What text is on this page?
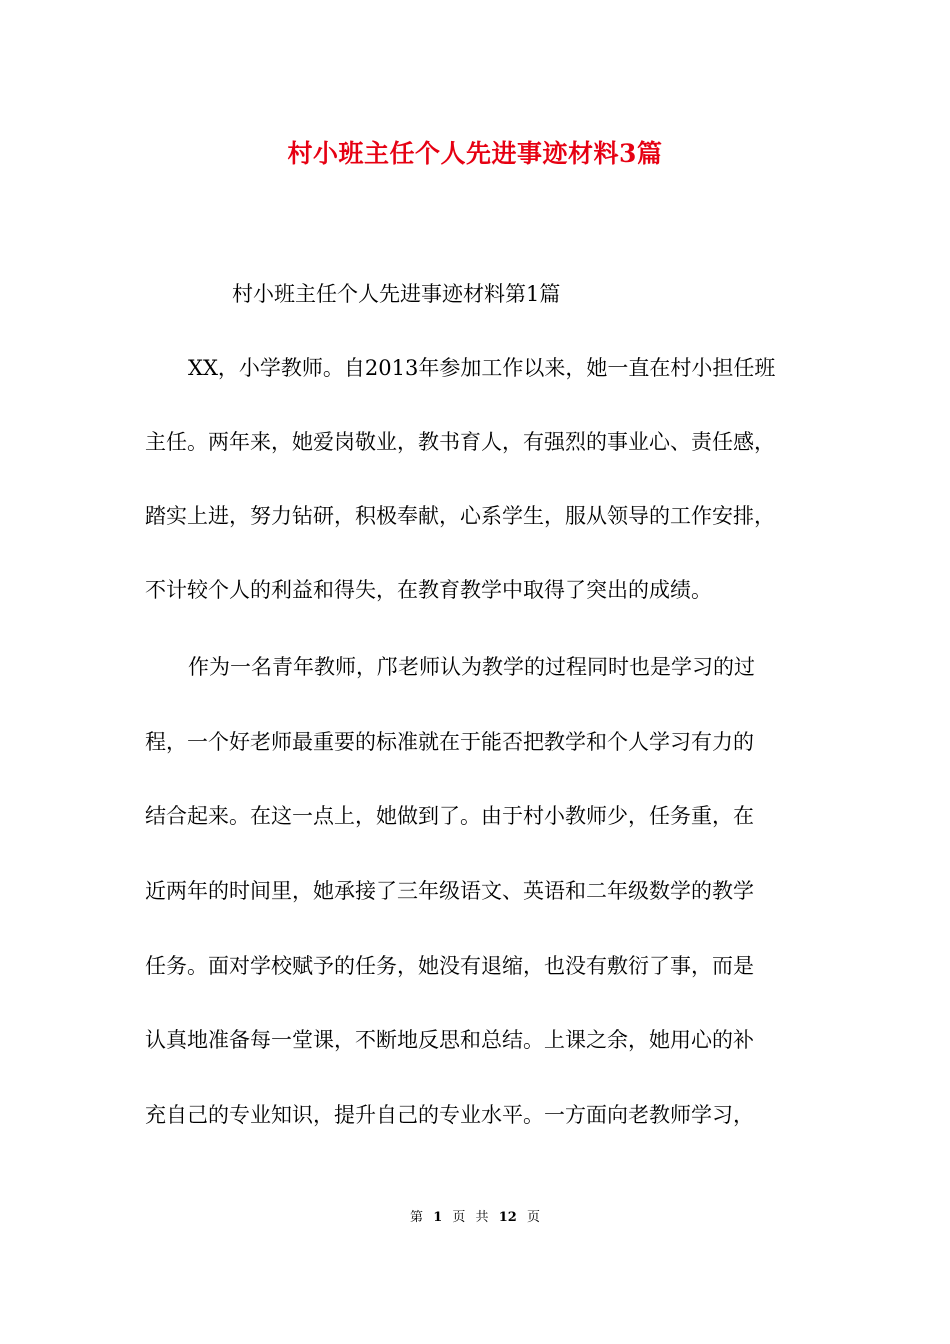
村小班主任个人先进事迹材料3篇
村小班主任个人先进事迹材料第1篇
XX，小学教师。自2013年参加工作以来，她一直在村小担任班
主任。两年来，她爱岗敬业，教书育人，有强烈的事业心、责任感，
踏实上进，努力钻研，积极奉献，心系学生，服从领导的工作安排，
不计较个人的利益和得失，在教育教学中取得了突出的成绩。
作为一名青年教师，邝老师认为教学的过程同时也是学习的过
程，一个好老师最重要的标准就在于能否把教学和个人学习有力的
结合起来。在这一点上，她做到了。由于村小教师少，任务重，在
近两年的时间里，她承接了三年级语文、英语和二年级数学的教学
任务。面对学校赋予的任务，她没有退缩，也没有敷衍了事，而是
认真地准备每一堂课，不断地反思和总结。上课之余，她用心的补
充自己的专业知识，提升自己的专业水平。一方面向老教师学习，
第 1 页 共 12 页
